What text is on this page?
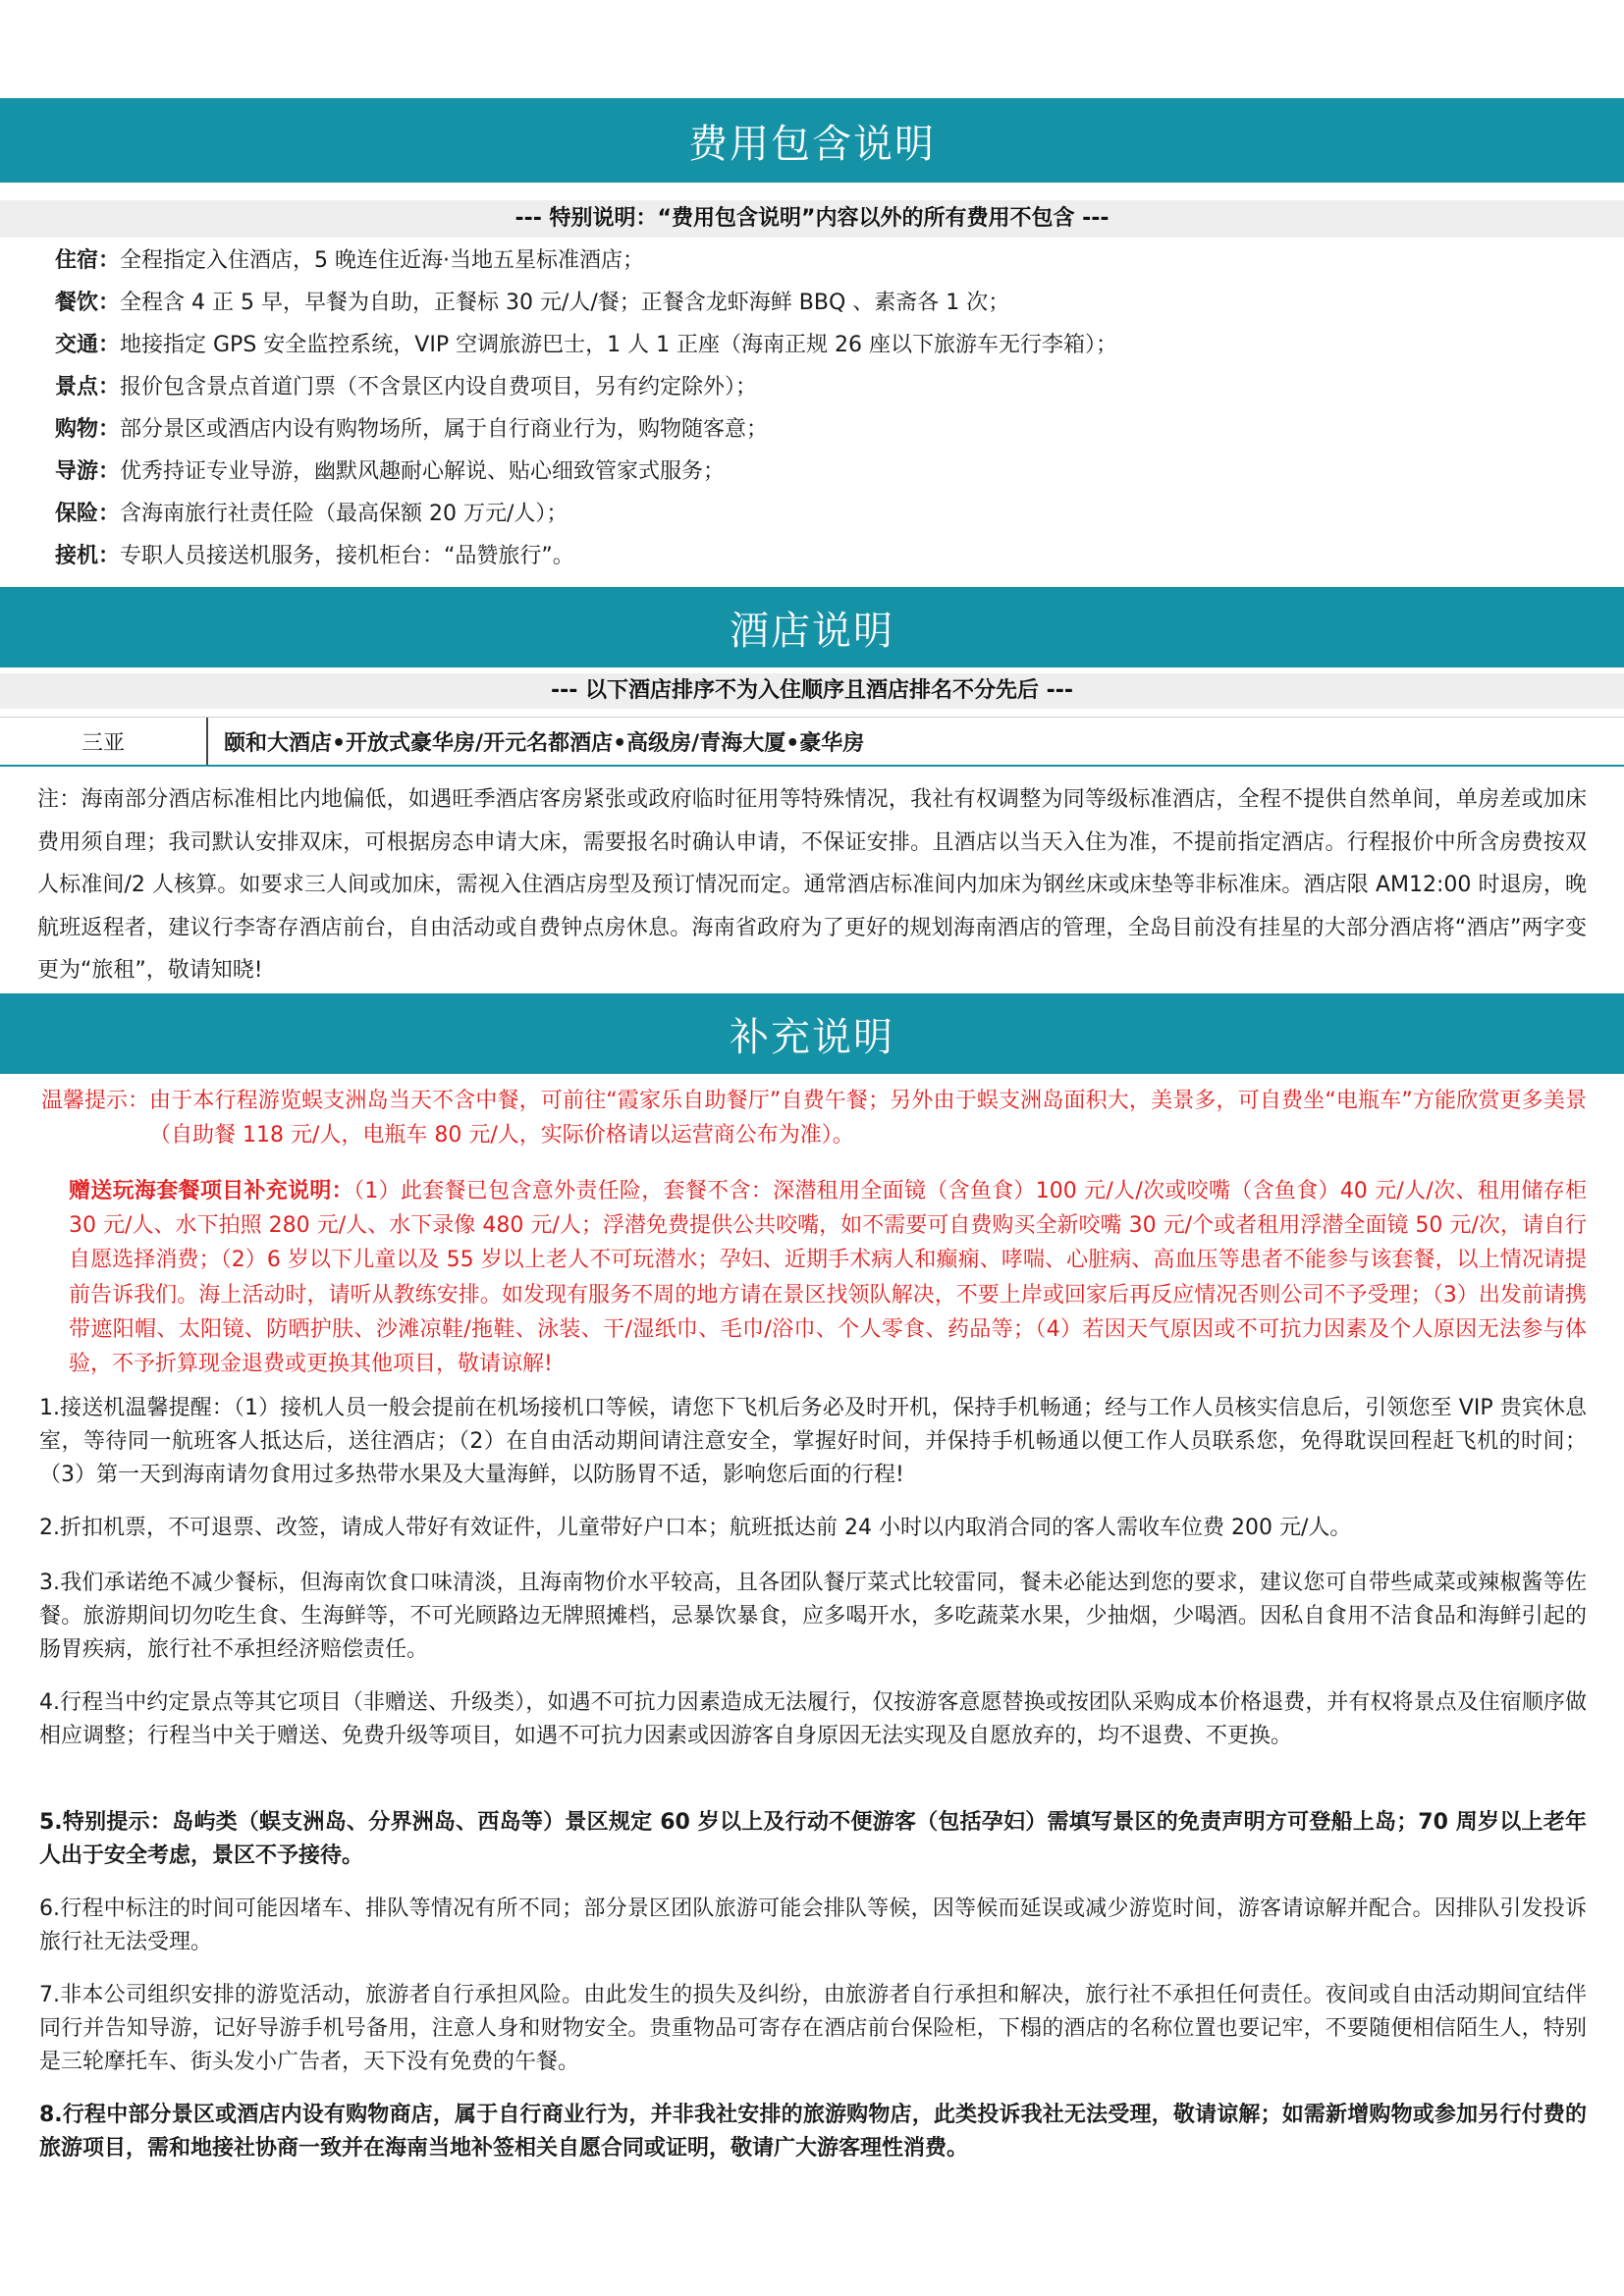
费用包含说明
--- 特别说明：“费用包含说明”内容以外的所有费用不包含 ---
住宿：全程指定入住酒店，5 晚连住近海·当地五星标准酒店；
餐饮：全程含 4 正 5 早，早餐为自助，正餐标 30 元/人/餐；正餐含龙虾海鲜 BBQ 、素斋各 1 次；
交通：地接指定 GPS 安全监控系统，VIP 空调旅游巴士，1 人 1 正座（海南正规 26 座以下旅游车无行李箱）；
景点：报价包含景点首道门票（不含景区内设自费项目，另有约定除外）；
购物：部分景区或酒店内设有购物场所，属于自行商业行为，购物随客意；
导游：优秀持证专业导游，幽默风趣耐心解说、贴心细致管家式服务；
保险：含海南旅行社责任险（最高保额 20 万元/人）；
接机：专职人员接送机服务，接机柜台：“品赞旅行”。
酒店说明
--- 以下酒店排序不为入住顺序且酒店排名不分先后 ---
三亚	颐和大酒店•开放式豪华房/开元名都酒店•高级房/青海大厦•豪华房
注：海南部分酒店标准相比内地偏低，如遇旺季酒店客房紧张或政府临时征用等特殊情况，我社有权调整为同等级标准酒店，全程不提供自然单间，单房差或加床费用须自理；我司默认安排双床，可根据房态申请大床，需要报名时确认申请，不保证安排。且酒店以当天入住为准，不提前指定酒店。行程报价中所含房费按双人标准间/2 人核算。如要求三人间或加床，需视入住酒店房型及预订情况而定。通常酒店标准间内加床为钢丝床或床垫等非标准床。酒店限 AM12:00 时退房，晚航班返程者，建议行李寄存酒店前台，自由活动或自费钟点房休息。海南省政府为了更好的规划海南酒店的管理，全岛目前没有挂星的大部分酒店将“酒店”两字变更为“旅租”，敬请知晓!
补充说明
温馨提示： 由于本行程游览蜈支洲岛当天不含中餐，可前往“霞家乐自助餐厅”自费午餐；另外由于蜈支洲岛面积大，美景多，可自费坐“电瓶车”方能欣赏更多美景（自助餐 118 元/人，电瓶车 80 元/人，实际价格请以运营商公布为准）。
赠送玩海套餐项目补充说明：（1）此套餐已包含意外责任险，套餐不含：深潜租用全面镜（含鱼食）100 元/人/次或咬嘴（含鱼食）40 元/人/次、租用储存柜 30 元/人、水下拍照 280 元/人、水下录像 480 元/人；浮潜免费提供公共咬嘴，如不需要可自费购买全新咬嘴 30 元/个或者租用浮潜全面镜 50 元/次，请自行自愿选择消费；（2）6 岁以下儿童以及 55 岁以上老人不可玩潜水；孕妇、近期手术病人和癫痫、哮喘、心脏病、高血压等患者不能参与该套餐，以上情况请提前告诉我们。海上活动时，请听从教练安排。如发现有服务不周的地方请在景区找领队解决，不要上岸或回家后再反应情况否则公司不予受理；（3）出发前请携带遮阳帽、太阳镜、防晒护肤、沙滩凉鞋/拖鞋、泳装、干/湿纸巾、毛巾/浴巾、个人零食、药品等；（4）若因天气原因或不可抗力因素及个人原因无法参与体验，不予折算现金退费或更换其他项目，敬请谅解!
1.接送机温馨提醒：（1）接机人员一般会提前在机场接机口等候，请您下飞机后务必及时开机，保持手机畅通；经与工作人员核实信息后，引领您至 VIP 贵宾休息室，等待同一航班客人抵达后，送往酒店；（2）在自由活动期间请注意安全，掌握好时间，并保持手机畅通以便工作人员联系您，免得耽误回程赶飞机的时间；（3）第一天到海南请勿食用过多热带水果及大量海鲜，以防肠胃不适，影响您后面的行程!
2.折扣机票，不可退票、改签，请成人带好有效证件，儿童带好户口本；航班抵达前 24 小时以内取消合同的客人需收车位费 200 元/人。
3.我们承诺绝不减少餐标，但海南饮食口味清淡，且海南物价水平较高，且各团队餐厅菜式比较雷同，餐未必能达到您的要求，建议您可自带些咸菜或辣椒酱等佐餐。旅游期间切勿吃生食、生海鲜等，不可光顾路边无牌照摊档，忌暴饮暴食，应多喝开水，多吃蔬菜水果，少抽烟，少喝酒。因私自食用不洁食品和海鲜引起的肠胃疾病，旅行社不承担经济赔偿责任。
4.行程当中约定景点等其它项目（非赠送、升级类），如遇不可抗力因素造成无法履行，仅按游客意愿替换或按团队采购成本价格退费，并有权将景点及住宿顺序做相应调整；行程当中关于赠送、免费升级等项目，如遇不可抗力因素或因游客自身原因无法实现及自愿放弃的，均不退费、不更换。
5.特别提示：岛屿类（蜈支洲岛、分界洲岛、西岛等）景区规定 60 岁以上及行动不便游客（包括孕妇）需填写景区的免责声明方可登船上岛；70 周岁以上老年人出于安全考虑，景区不予接待。
6.行程中标注的时间可能因堵车、排队等情况有所不同；部分景区团队旅游可能会排队等候，因等候而延误或减少游览时间，游客请谅解并配合。因排队引发投诉旅行社无法受理。
7.非本公司组织安排的游览活动，旅游者自行承担风险。由此发生的损失及纠纷，由旅游者自行承担和解决，旅行社不承担任何责任。夜间或自由活动期间宜结伴同行并告知导游，记好导游手机号备用，注意人身和财物安全。贵重物品可寄存在酒店前台保险柜，下榻的酒店的名称位置也要记牢，不要随便相信陌生人，特别是三轮摩托车、街头发小广告者，天下没有免费的午餐。
8.行程中部分景区或酒店内设有购物商店，属于自行商业行为，并非我社安排的旅游购物店，此类投诉我社无法受理，敬请谅解；如需新增购物或参加另行付费的旅游项目，需和地接社协商一致并在海南当地补签相关自愿合同或证明，敬请广大游客理性消费。
